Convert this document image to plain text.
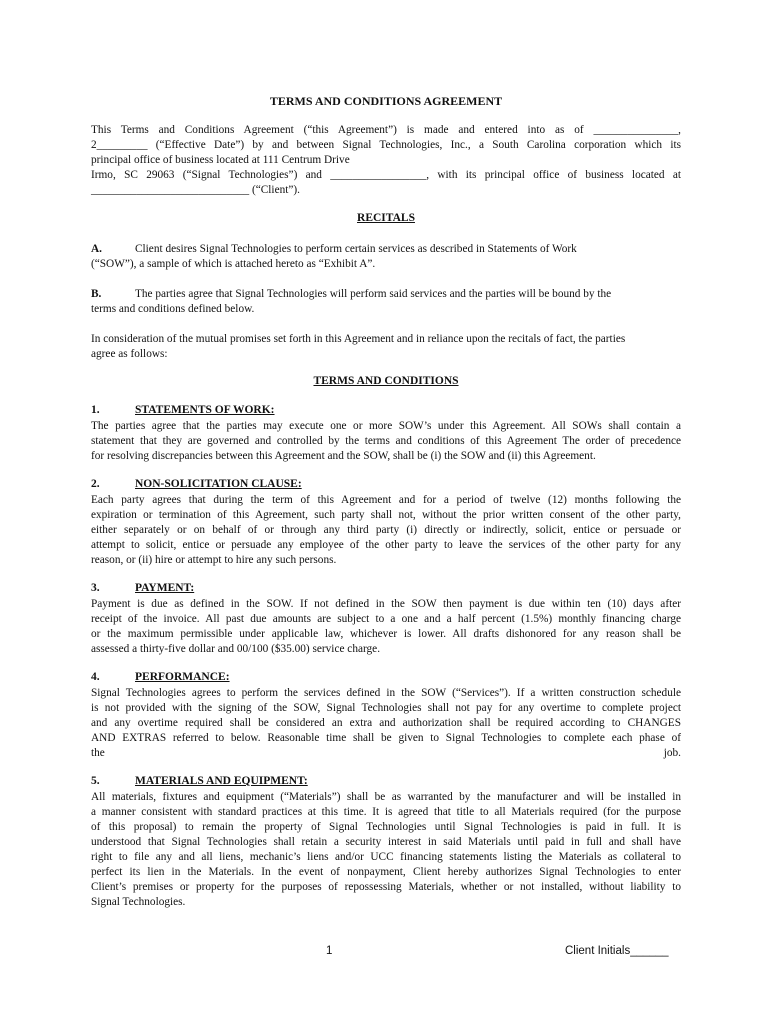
TERMS AND CONDITIONS AGREEMENT
This Terms and Conditions Agreement (“this Agreement”) is made and entered into as of _______________,
2_________ (“Effective Date”) by and between Signal Technologies, Inc., a South Carolina corporation which its
principal office of business located at 111 Centrum Drive
Irmo, SC 29063 (“Signal Technologies”) and _________________, with its principal office of business located at
____________________________ (“Client”).
RECITALS
A.	Client desires Signal Technologies to perform certain services as described in Statements of Work
(“SOW”), a sample of which is attached hereto as “Exhibit A”.
B.	The parties agree that Signal Technologies will perform said services and the parties will be bound by the
terms and conditions defined below.
In consideration of the mutual promises set forth in this Agreement and in reliance upon the recitals of fact, the parties
agree as follows:
TERMS AND CONDITIONS
1.	STATEMENTS OF WORK:
The parties agree that the parties may execute one or more SOW’s under this Agreement. All SOWs shall contain a
statement that they are governed and controlled by the terms and conditions of this Agreement The order of precedence
for resolving discrepancies between this Agreement and the SOW, shall be (i) the SOW and (ii) this Agreement.
2.	NON-SOLICITATION CLAUSE:
Each party agrees that during the term of this Agreement and for a period of twelve (12) months following the
expiration or termination of this Agreement, such party shall not, without the prior written consent of the other party,
either separately or on behalf of or through any third party (i) directly or indirectly, solicit, entice or persuade or
attempt to solicit, entice or persuade any employee of the other party to leave the services of the other party for any
reason, or (ii) hire or attempt to hire any such persons.
3.	PAYMENT:
Payment is due as defined in the SOW. If not defined in the SOW then payment is due within ten (10) days after
receipt of the invoice. All past due amounts are subject to a one and a half percent (1.5%) monthly financing charge
or the maximum permissible under applicable law, whichever is lower. All drafts dishonored for any reason shall be
assessed a thirty-five dollar and 00/100 ($35.00) service charge.
4.	PERFORMANCE:
Signal Technologies agrees to perform the services defined in the SOW (“Services”). If a written construction schedule
is not provided with the signing of the SOW, Signal Technologies shall not pay for any overtime to complete project
and any overtime required shall be considered an extra and authorization shall be required according to CHANGES
AND EXTRAS referred to below. Reasonable time shall be given to Signal Technologies to complete each phase of
the job.
5.	MATERIALS AND EQUIPMENT:
All materials, fixtures and equipment (“Materials”) shall be as warranted by the manufacturer and will be installed in
a manner consistent with standard practices at this time. It is agreed that title to all Materials required (for the purpose
of this proposal) to remain the property of Signal Technologies until Signal Technologies is paid in full. It is
understood that Signal Technologies shall retain a security interest in said Materials until paid in full and shall have
right to file any and all liens, mechanic’s liens and/or UCC financing statements listing the Materials as collateral to
perfect its lien in the Materials. In the event of nonpayment, Client hereby authorizes Signal Technologies to enter
Client’s premises or property for the purposes of repossessing Materials, whether or not installed, without liability to
Signal Technologies.
1	Client Initials______
